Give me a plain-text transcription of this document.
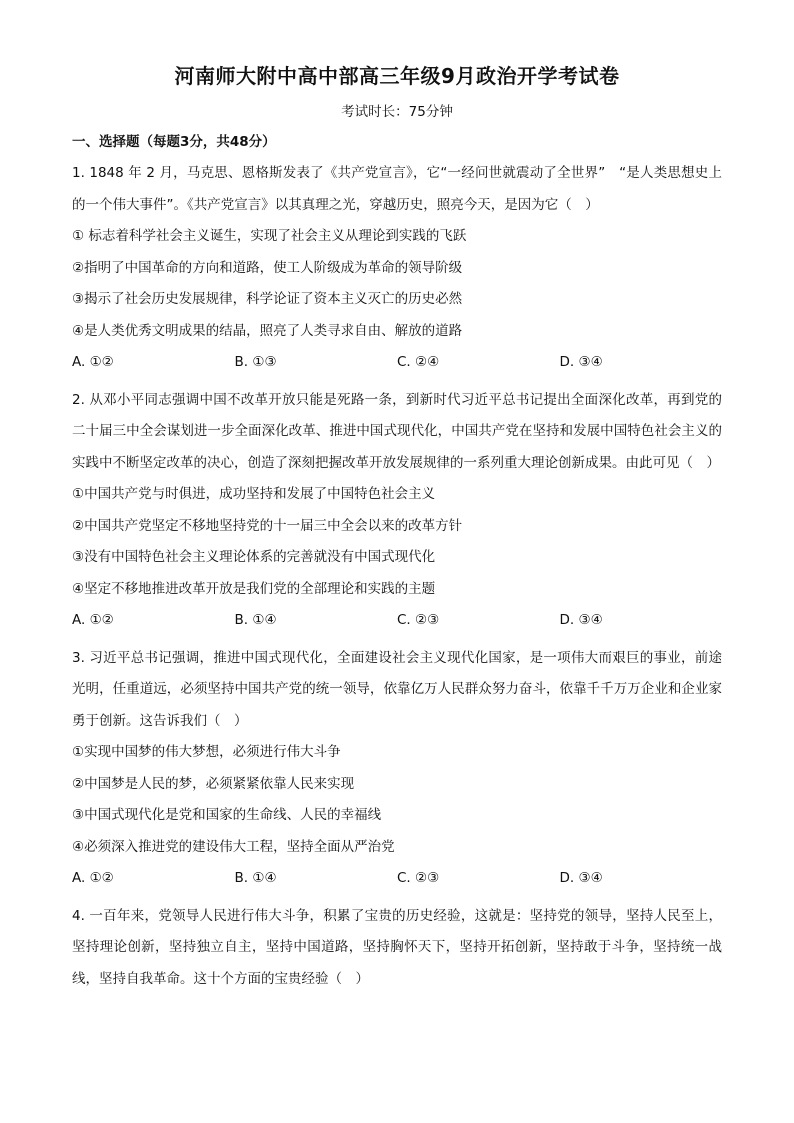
河南师大附中高中部高三年级9月政治开学考试卷
考试时长：75分钟
一、选择题（每题3分，共48分）

1. 1848 年 2 月，马克思、恩格斯发表了《共产党宣言》，它“一经问世就震动了全世界”　“是人类思想史上的一个伟大事件”。《共产党宣言》以其真理之光，穿越历史，照亮今天，是因为它（　）

① 标志着科学社会主义诞生，实现了社会主义从理论到实践的飞跃

②指明了中国革命的方向和道路，使工人阶级成为革命的领导阶级

③揭示了社会历史发展规律，科学论证了资本主义灭亡的历史必然

④是人类优秀文明成果的结晶，照亮了人类寻求自由、解放的道路

A. ①②	B. ①③	C. ②④	D. ③④

2. 从邓小平同志强调中国不改革开放只能是死路一条，到新时代习近平总书记提出全面深化改革，再到党的二十届三中全会谋划进一步全面深化改革、推进中国式现代化，中国共产党在坚持和发展中国特色社会主义的实践中不断坚定改革的决心，创造了深刻把握改革开放发展规律的一系列重大理论创新成果。由此可见（　）

①中国共产党与时俱进，成功坚持和发展了中国特色社会主义

②中国共产党坚定不移地坚持党的十一届三中全会以来的改革方针

③没有中国特色社会主义理论体系的完善就没有中国式现代化

④坚定不移地推进改革开放是我们党的全部理论和实践的主题

A. ①②	B. ①④	C. ②③	D. ③④

3. 习近平总书记强调，推进中国式现代化，全面建设社会主义现代化国家，是一项伟大而艰巨的事业，前途光明，任重道远，必须坚持中国共产党的统一领导，依靠亿万人民群众努力奋斗，依靠千千万万企业和企业家勇于创新。这告诉我们（　）

①实现中国梦的伟大梦想，必须进行伟大斗争

②中国梦是人民的梦，必须紧紧依靠人民来实现

③中国式现代化是党和国家的生命线、人民的幸福线

④必须深入推进党的建设伟大工程，坚持全面从严治党

A. ①②	B. ①④	C. ②③	D. ③④

4. 一百年来，党领导人民进行伟大斗争，积累了宝贵的历史经验，这就是：坚持党的领导，坚持人民至上，坚持理论创新，坚持独立自主，坚持中国道路，坚持胸怀天下，坚持开拓创新，坚持敢于斗争，坚持统一战线，坚持自我革命。这十个方面的宝贵经验（　）
